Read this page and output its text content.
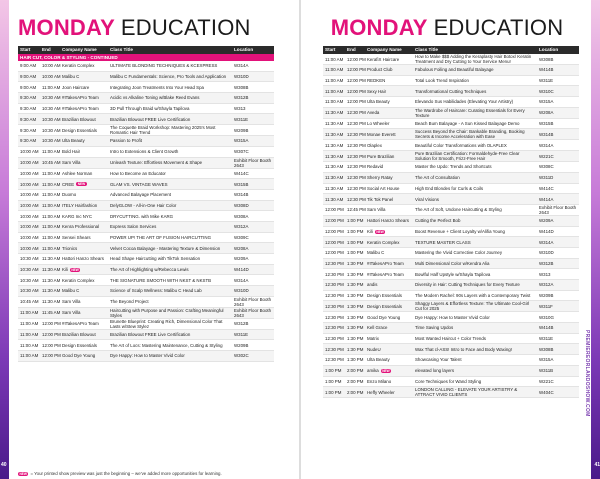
40
MONDAY EDUCATION
Start	End	Company Name	Class Title	Location
HAIR CUT, COLOR & STYLING - CONTINUED
9:00 AM	10:00 AM Keratin Complex	ULTIMATE BLONDING TECHNIQUES & KCEXPRESS	W314A
9:00 AM	10:00 AM Malibu C	Malibu C Fundamentals: Science, Pro Tools and Application	W310D
9:00 AM	11:00 AM Joon Haircare	Integrating Joon Treatments Into Your Head Spa	W308B
9:30 AM	10:30 AM #ITakesAPro Team	Acidic vs Alkaline Toning w/Blake Reed Evans	W312B
9:30 AM	10:30 AM #ITakesAPro Team	3D Pull Through Braid w/Shayla Tapilova	W313
9:30 AM	10:30 AM Brazilian Blowout	Brazilian Blowout FREE Live Certification	W311E
9:30 AM	10:30 AM Design Essentials	The Coquette Braid Workshop: Mastering 2025's Most Romantic Hair Trend	W209B
9:30 AM	10:30 AM Ulta Beauty	Passion to Profit	W315A
10:00 AM 11:00 AM Bold Hair	Intro to Extensions & Client Growth	W307C
10:00 AM 10:45 AM Sam Villa	Unleash Texture: Effortless Movement & Shape	Exhibit Floor Booth 2643
10:00 AM 11:00 AM Ashlee Norman	How to Become an Educator	W414C
10:00 AM 11:00 AM CREE NEW	GLAM VS. VINTAGE WAVES	W315B
10:00 AM 11:00 AM Duomo	Advanced Balayage Placement	W314B
10:00 AM 11:00 AM ITELY Hairfashion	DelyGLOW - All-in-One Hair Color	W308D
10:00 AM 11:00 AM KARG Inc NYC	DRYCUTTING. with Mike KARG	W308A
10:00 AM 11:00 AM Kenra Professional	Express Salon Services	W312A
10:00 AM 11:00 AM Sensei Shears	POWER UP! THE ART OF FUSION HAIRCUTTING	W309C
10:00 AM 11:00 AM Trionics	Velvet Cocoa Balayage - Mastering Texture & Dimension	W208A
10:30 AM 11:30 AM Hattori Hanzo Shears	Head Shape Haircutting with TikTok Sensation	W209A
10:30 AM 11:30 AM Kili NEW	The Art of Highlighting w/Rebecca Lewis	W414D
10:30 AM 11:30 AM Keratin Complex	THE SIGNATURE SMOOTH WITH NKST & NKSTB	W314A
10:30 AM 11:30 AM Malibu C	Science of Scalp Wellness: Malibu C Head Lab	W310D
10:45 AM 11:30 AM Sam Villa	The Beyond Project	Exhibit Floor Booth 2643
11:00 AM 11:45 AM Sam Villa	Haircutting with Purpose and Passion: Crafting Meaningful Styles
Exhibit Floor Booth 2643
11:00 AM 12:00 PM #ITakesAPro Team	Brunette Blueprint: Creating Rich, Dimensional Color That Lasts w/Stew Stylez	W312B
11:00 AM 12:00 PM Brazilian Blowout	Brazilian Blowout FREE Live Certification	W311E
11:00 AM 12:00 PM Design Essentials	The Art of Locs: Mastering Maintenance, Cutting & Styling	W209B
11:00 AM 12:00 PM Good Dye Young	Dye Happy: How to Master Vivid Color	W302C
NEW = Your printed show preview was just the beginning – we’ve added more opportunities for learning.
PREMIEREORLANDOSHOW.COM
41
MONDAY EDUCATION
Start	End	Company Name	Class Title	Location
11:00 AM 12:00 PM KerafiX Haircare	How to Make $$$ Adding the Keraplasty Hair Botox/ Keratin Treatment and Dry Cutting to Your Service Menu!	W308B
11:00 AM 12:00 PM Product Club	Fabulous Foiling and Beautiful Balayage	W414B
11:00 AM 12:00 PM REDKEN	Total Look Trend Inspiration	W311E
11:00 AM 12:00 PM Sexy Hair	Transformational Cutting Techniques	W310C
11:00 AM 12:00 PM Ulta Beauty	Elevando Sus Habilidades (Elevating Your Artistry)	W315A
11:30 AM 12:30 PM Aveda	The Wardrobe of Haircare: Curating Essentials for Every Texture	W208A
11:30 AM 12:30 PM Lo Wheeler	Beach Bum Balayage - A Sun Kissed Balayage Demo	W315B
11:30 AM 12:30 PM Monae Everett	Success Beyond the Chair: Bankable Branding, Booking Secrets & Income Acceleration with Ease	W314B
11:30 AM 12:30 PM Olaplex	Beautiful Color Transformations with OLAPLEX	W314A
11:30 AM 12:30 PM Pure Brazilian	Pure Brazilian Certification: Formaldehyde-Free Clear Solution for Smooth, Frizz-Free Hair	W221C
11:30 AM 12:30 PM Redavid	Master the Updo: Trends and Shortcuts	W308C
11:30 AM 12:30 PM Sherry Ratay	The Art of Consultation	W311D
11:30 AM 12:30 PM Social Art House	High End Blondes for Curls & Coils	W414C
11:30 AM 12:30 PM Tik Tok Panel	Viral Visions	W414A
12:00 PM 12:45 PM Sam Villa	The Art of Soft, Undone Haircutting & Styling	Exhibit Floor Booth 2643
12:00 PM 1:00 PM Hattori Hanzo Shears	Cutting the Perfect Bob	W209A
12:00 PM 1:00 PM Kili NEW	Boost Revenue + Client Loyalty w/Alifia Young	W414D
12:00 PM 1:00 PM Keratin Complex	TEXTURE MASTER CLASS	W314A
12:00 PM 1:00 PM Malibu C	Mastering the Vivid Corrective Color Journey	W310D
12:30 PM 1:30 PM #ITakesAPro Team	Multi Dimensional Color w/Kendra Alia	W312B
12:30 PM 1:30 PM #ITakesAPro Team	Bowlful Half Upstyle w/Shayla Tapilova	W313
12:30 PM 1:30 PM andis	Diversity in Hair: Cutting Techniques for Every Texture	W312A
12:30 PM 1:30 PM Design Essentials	The Modern Rachel: 90s Layers with a Contemporary Twist	W209B
12:30 PM 1:30 PM Design Essentials	Shaggy Layers & Effortless Texture: The Ultimate Cool-Girl Cut for 2025	W311F
12:30 PM 1:30 PM Good Dye Young	Dye Happy: How to Master Vivid Color	W310G
12:30 PM 1:30 PM Kell Grace	Time Saving Updos	W414B
12:30 PM 1:30 PM Matrix	Most Wanted Haircut + Color Trends	W311E
12:30 PM 1:30 PM NudeU	Wax That cl-ASS! Intro to Face and Body Waxing!	W308B
12:30 PM 1:30 PM Ulta Beauty	Showcasing Your Talent	W315A
1:00 PM	2:00 PM amika NEW	elevated long layers	W311B
1:00 PM	2:00 PM Enzo Milano	Core Techniques for Wand Styling	W221C
1:00 PM	2:00 PM Heffy Wheeler	LONDON CALLING - ELEVATE YOUR ARTISTRY & ATTRACT VIVID CLIENTS	W404C
